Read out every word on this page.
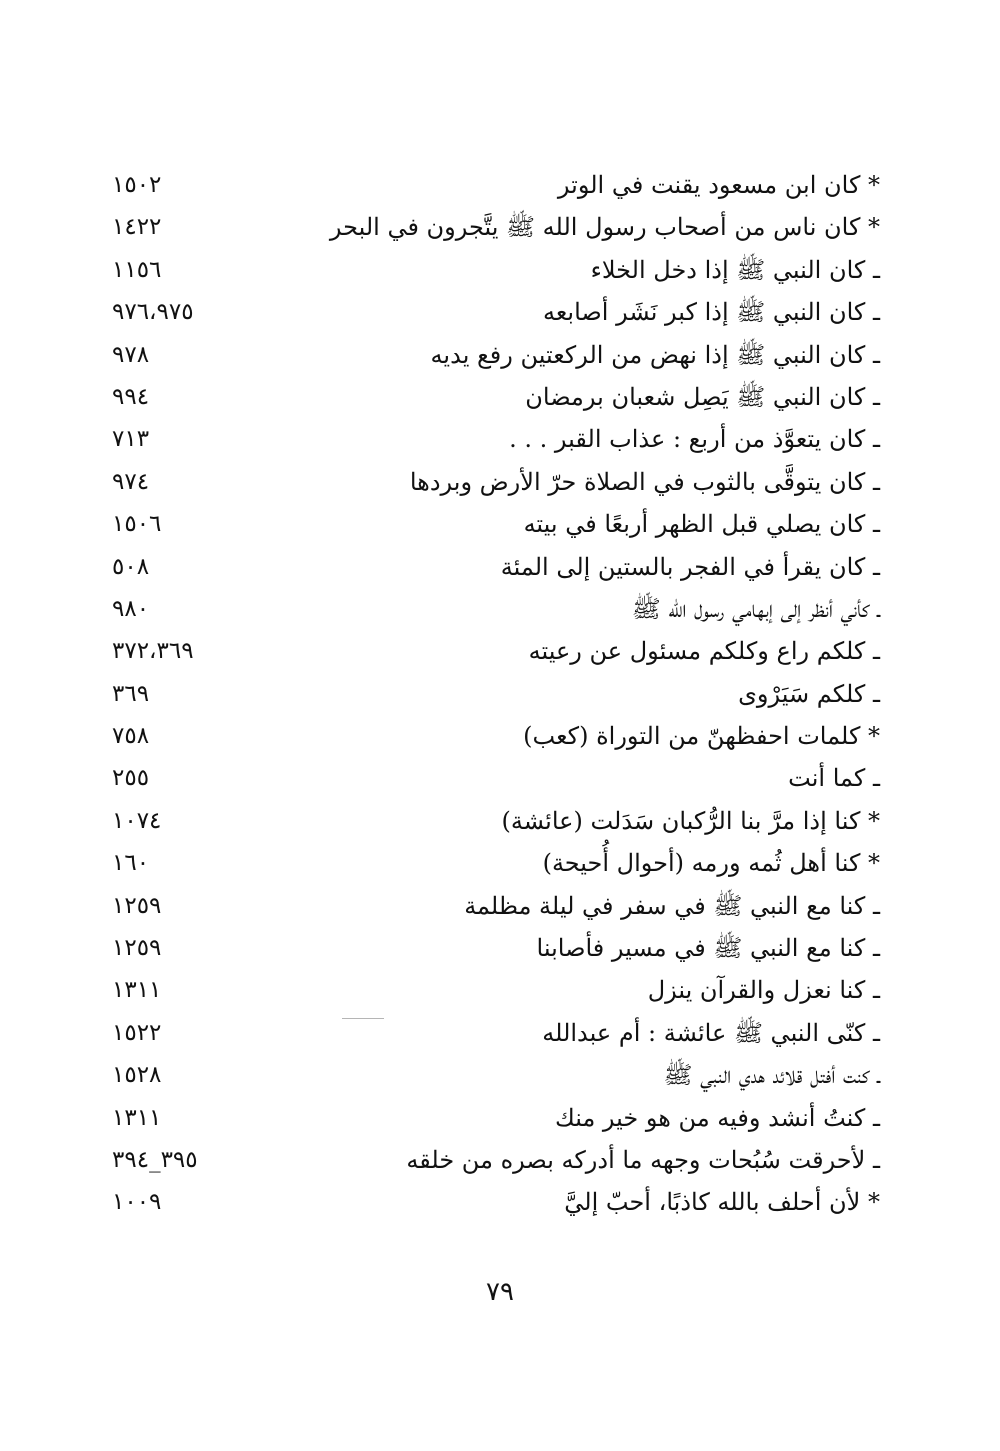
* كان ابن مسعود يقنت في الوتر
١٥٠٢
* كان ناس من أصحاب رسول الله ﷺ يتَّجرون في البحر
١٤٢٢
ـ كان النبي ﷺ إذا دخل الخلاء
١١٥٦
ـ كان النبي ﷺ إذا كبر نَشَر أصابعه
٩٧٦،٩٧٥
ـ كان النبي ﷺ إذا نهض من الركعتين رفع يديه
٩٧٨
ـ كان النبي ﷺ يَصِل شعبان برمضان
٩٩٤
ـ كان يتعوَّذ من أربع : عذاب القبر . . .
٧١٣
ـ كان يتوقَّى بالثوب في الصلاة حرّ الأرض وبردها
٩٧٤
ـ كان يصلي قبل الظهر أربعًا في بيته
١٥٠٦
ـ كان يقرأ في الفجر بالستين إلى المئة
٥٠٨
ـ كأني أنظر إلى إبهامي رسول الله ﷺ
٩٨٠
ـ كلكم راع وكلكم مسئول عن رعيته
٣٧٢،٣٦٩
ـ كلكم سَيَرْوى
٣٦٩
* كلمات احفظهنّ من التوراة (كعب)
٧٥٨
ـ كما أنت
٢٥٥
* كنا إذا مرَّ بنا الرُّكبان سَدَلت (عائشة)
١٠٧٤
* كنا أهل ثُمه ورمه (أحوال أُحيحة)
١٦٠
ـ كنا مع النبي ﷺ في سفر في ليلة مظلمة
١٢٥٩
ـ كنا مع النبي ﷺ في مسير فأصابنا
١٢٥٩
ـ كنا نعزل والقرآن ينزل
١٣١١
ـ كنّى النبي ﷺ عائشة : أم عبدالله
١٥٢٢
ـ كنت أفتل قلائد هدي النبي ﷺ
١٥٢٨
ـ كنتُ أنشد وفيه من هو خير منك
١٣١١
ـ لأحرقت سُبُحات وجهه ما أدركه بصره من خلقه
٣٩٥_٣٩٤
* لأن أحلف بالله كاذبًا، أحبّ إليَّ
١٠٠٩
٧٩
